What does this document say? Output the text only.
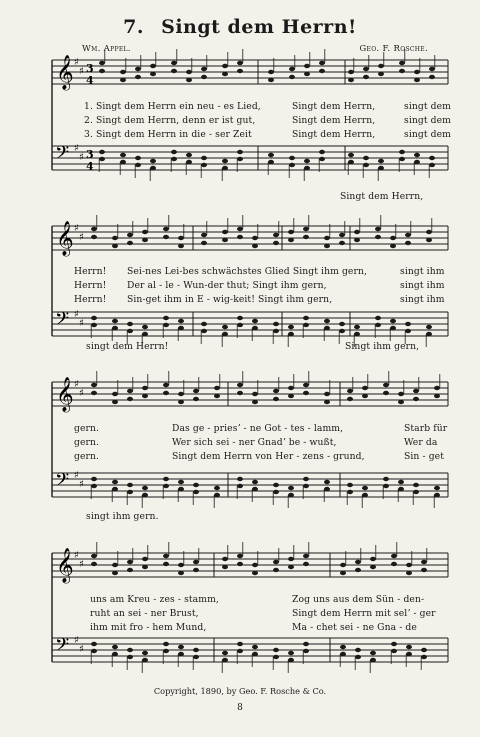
7. Singt dem Herrn!
Wm. Appel.	Geo. F. Rosche.
𝄞 ♯
♯ 3
4
𝄢 ♯
♯ 3
4
𝄞 ♯
♯
𝄢 ♯
♯
𝄞 ♯
♯
𝄢 ♯
♯
𝄞 ♯
♯
𝄢 ♯
♯
1. Singt dem Herrn ein neu - es Lied,	Singt dem Herrn,	singt dem
2. Singt dem Herrn, denn er ist gut,	Singt dem Herrn,	singt dem
3. Singt dem Herrn in die - ser Zeit	Singt dem Herrn,	singt dem
Singt dem Herrn,
Herrn! Sei-nes Lei-bes schwächstes Glied Singt ihm gern,	singt ihm
Herrn! Der al - le - Wun-der thut; Singt ihm gern,	singt ihm
Herrn! Sin-get ihm in E - wig-keit! Singt ihm gern,	singt ihm
singt dem Herrn!	Singt ihm gern,
gern.	Das ge - priesʼ - ne Got - tes - lamm,	Starb für
gern.	Wer sich sei - ner Gnadʼ be - wußt,	Wer da
gern.	Singt dem Herrn von Her - zens - grund,	Sin - get
singt ihm gern.
uns am Kreu - zes - stamm,	Zog uns aus dem Sün - den-
ruht an sei - ner Brust,	Singt dem Herrn mit selʼ - ger
ihm mit fro - hem Mund,	Ma - chet sei - ne Gna - de
Copyright, 1890, by Geo. F. Rosche & Co.
8
